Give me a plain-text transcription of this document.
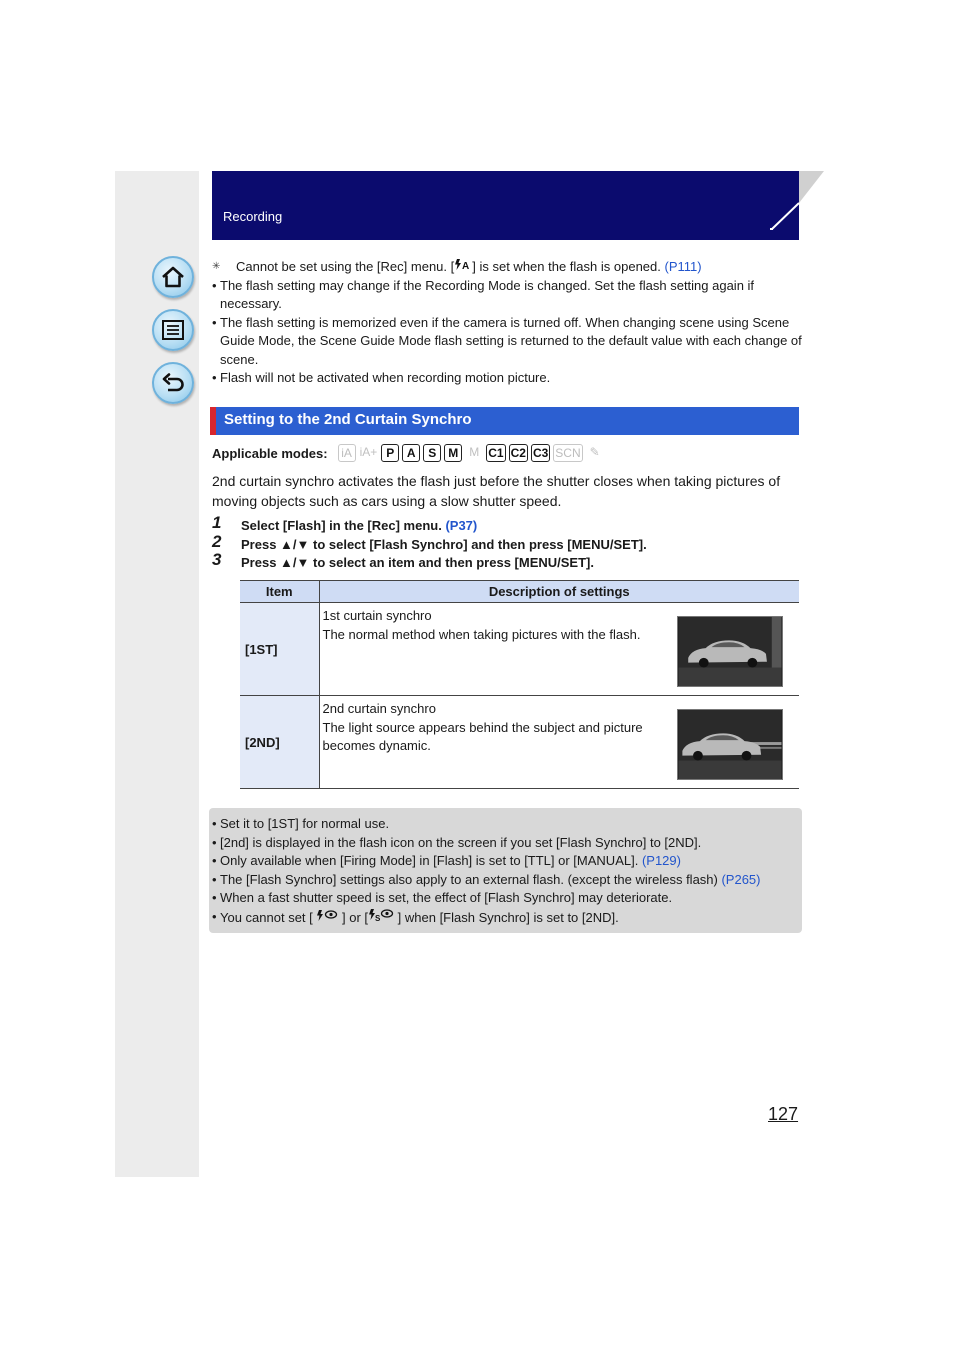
Recording
✳ Cannot be set using the [Rec] menu. [ A ] is set when the flash is opened. (P111)
• The flash setting may change if the Recording Mode is changed. Set the flash setting again if necessary.
• The flash setting is memorized even if the camera is turned off. When changing scene using Scene Guide Mode, the Scene Guide Mode flash setting is returned to the default value with each change of scene.
• Flash will not be activated when recording motion picture.
Setting to the 2nd Curtain Synchro
Applicable modes:	iA iA+ P	A	S	M M C1 C2 C3 SCN ✎
2nd curtain synchro activates the flash just before the shutter closes when taking pictures of moving objects such as cars using a slow shutter speed.
1 Select [Flash] in the [Rec] menu. (P37)
2 Press ▲/▼ to select [Flash Synchro] and then press [MENU/SET].
3 Press ▲/▼ to select an item and then press [MENU/SET].
Item	Description of settings
[1ST]	1st curtain synchro
The normal method when taking pictures with the flash.

[2ND]	2nd curtain synchro
The light source appears behind the subject and picture becomes dynamic.
• Set it to [1ST] for normal use.
• [2nd] is displayed in the flash icon on the screen if you set [Flash Synchro] to [2ND].
• Only available when [Firing Mode] in [Flash] is set to [TTL] or [MANUAL]. (P129)
• The [Flash Synchro] settings also apply to an external flash. (except the wireless flash) (P265)
• When a fast shutter speed is set, the effect of [Flash Synchro] may deteriorate.
• You cannot set [ ] or [ S ] when [Flash Synchro] is set to [2ND].
127
